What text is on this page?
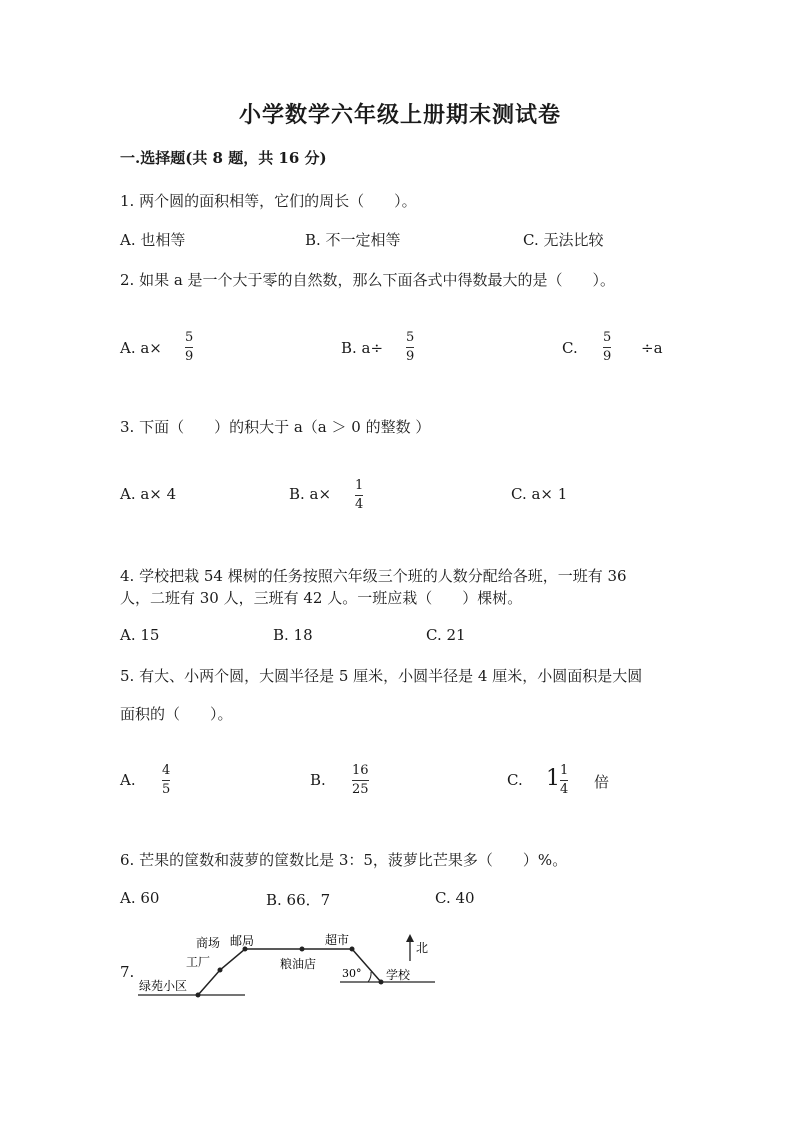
小学数学六年级上册期末测试卷
一.选择题(共 8 题，共 16 分)
1. 两个圆的面积相等，它们的周长（　　）。
A. 也相等	B. 不一定相等	C. 无法比较
2. 如果 a 是一个大于零的自然数，那么下面各式中得数最大的是（　　）。
A. a×
5
9	B. a÷
5
9	C.
5
9 ÷a
3. 下面（　　）的积大于 a（a ＞ 0 的整数 ）
A. a× 4	B. a× 1
4
C. a× 1
4. 学校把栽 54 棵树的任务按照六年级三个班的人数分配给各班，一班有 36
人，二班有 30 人，三班有 42 人。一班应栽（　　）棵树。
A. 15	B. 18	C. 21
5. 有大、小两个圆，大圆半径是 5 厘米，小圆半径是 4 厘米，小圆面积是大圆
面积的（　　）。
A.
4
5
B.
16
25
C. 1 1
4 倍
6. 芒果的筐数和菠萝的筐数比是 3：5，菠萝比芒果多（　　）%。
A. 60	B. 66．7	C. 40
7.
商场 邮局	超市
工厂	粮油店
绿苑小区
学校
北
30°
